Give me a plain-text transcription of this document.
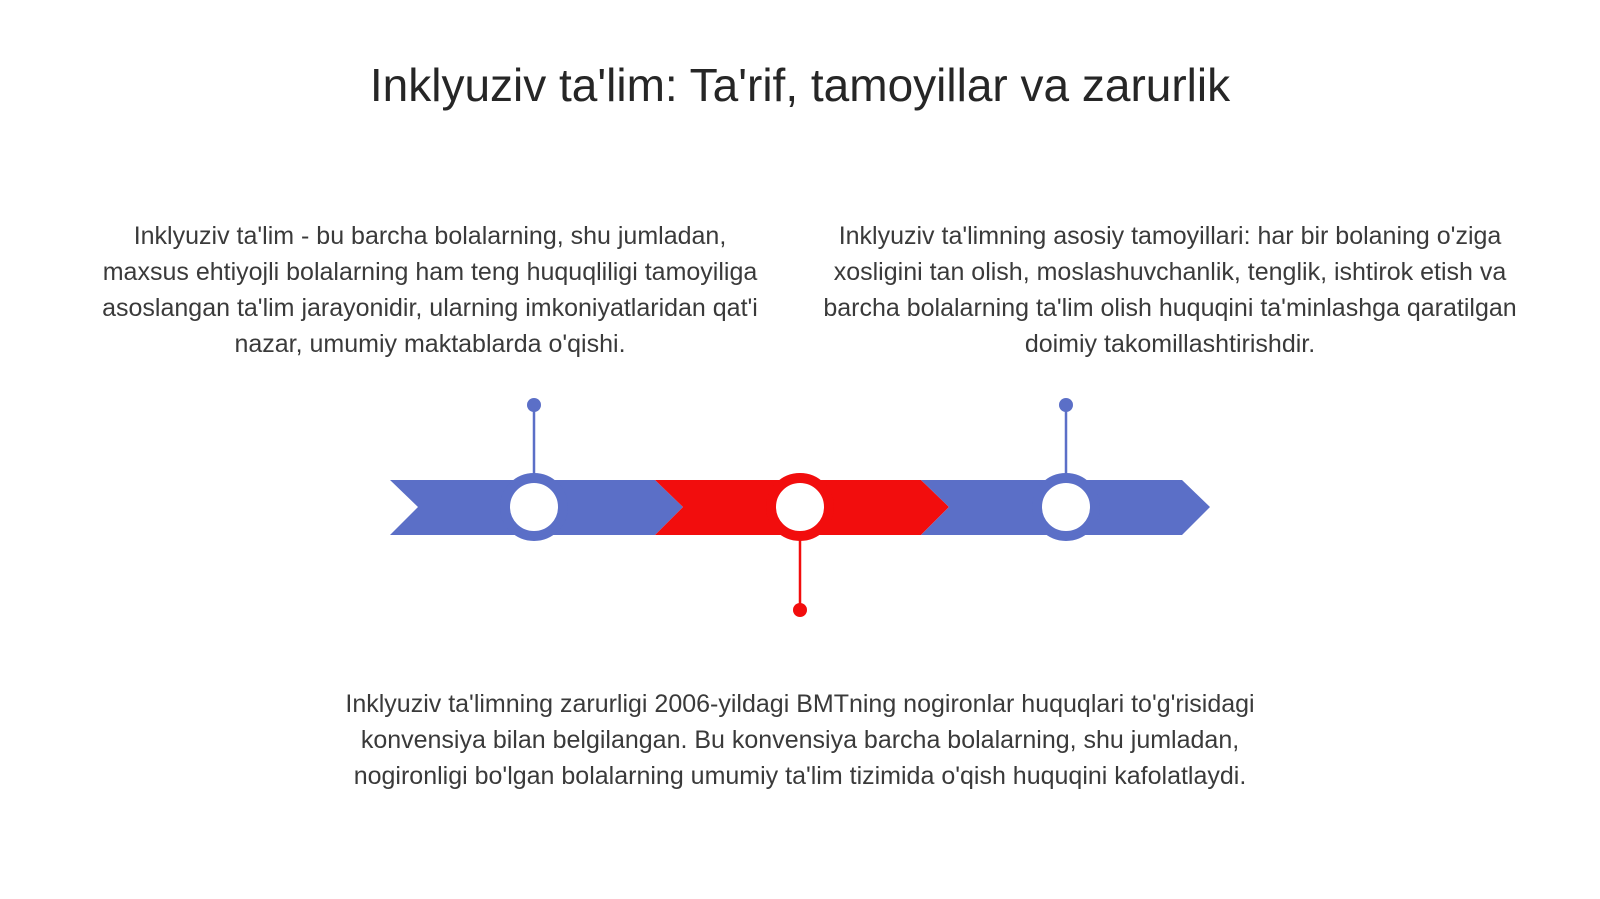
Inklyuziv ta'lim: Ta'rif, tamoyillar va zarurlik
Inklyuziv ta'lim - bu barcha bolalarning, shu jumladan, maxsus ehtiyojli bolalarning ham teng huquqliligi tamoyiliga asoslangan ta'lim jarayonidir, ularning imkoniyatlaridan qat'i nazar, umumiy maktablarda o'qishi.
Inklyuziv ta'limning asosiy tamoyillari: har bir bolaning o'ziga xosligini tan olish, moslashuvchanlik, tenglik, ishtirok etish va barcha bolalarning ta'lim olish huquqini ta'minlashga qaratilgan doimiy takomillashtirishdir.
Inklyuziv ta'limning zarurligi 2006-yildagi BMTning nogironlar huquqlari to'g'risidagi konvensiya bilan belgilangan. Bu konvensiya barcha bolalarning, shu jumladan, nogironligi bo'lgan bolalarning umumiy ta'lim tizimida o'qish huquqini kafolatlaydi.
